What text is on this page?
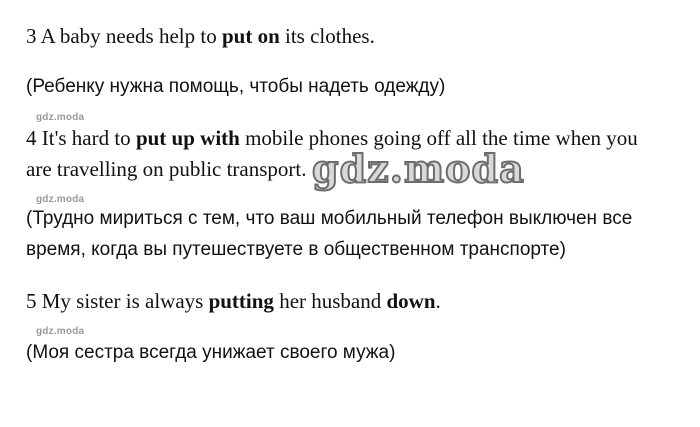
3 A baby needs help to put on its clothes.
(Ребенку нужна помощь, чтобы надеть одежду)
gdz.moda
4 It's hard to put up with mobile phones going off all the time when you
are travelling on public transport. gdz.moda
gdz.moda
(Трудно мириться с тем, что ваш мобильный телефон выключен все
время, когда вы путешествуете в общественном транспорте)
5 My sister is always putting her husband down.
gdz.moda
(Моя сестра всегда унижает своего мужа)
